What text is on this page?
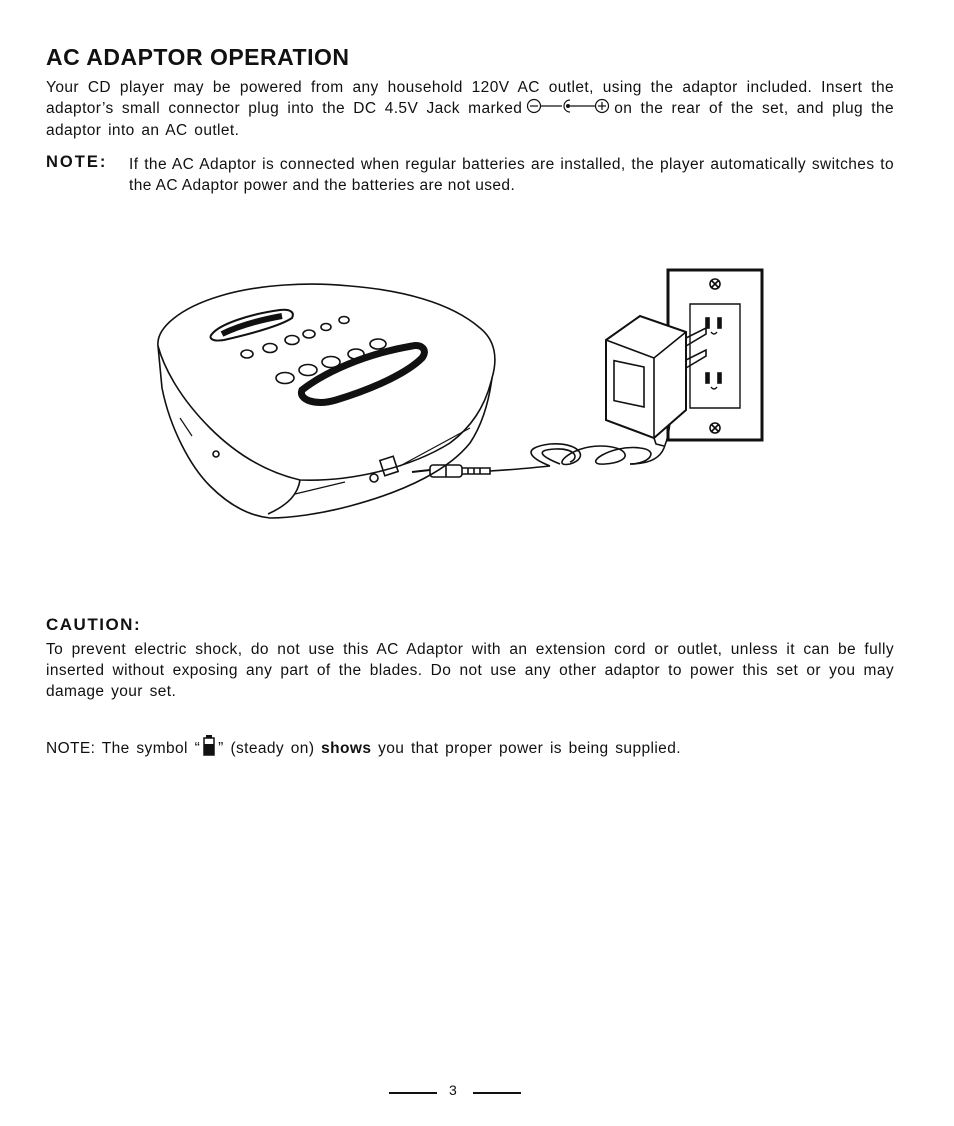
AC ADAPTOR OPERATION

Your CD player may be powered from any household 120V AC outlet, using the adaptor included. Insert the adaptor’s small connector plug into the DC 4.5V Jack marked	on the rear of the set, and plug the adaptor into an AC outlet.

NOTE: If the AC Adaptor is connected when regular batteries are installed, the player automatically switches to the AC Adaptor power and the batteries are not used.

CAUTION:

To prevent electric shock, do not use this AC Adaptor with an extension cord or outlet, unless it can be fully inserted without exposing any part of the blades. Do not use any other adaptor to power this set or you may damage your set.

NOTE: The symbol “ ” (steady on) shows you that proper power is being supplied.

3
